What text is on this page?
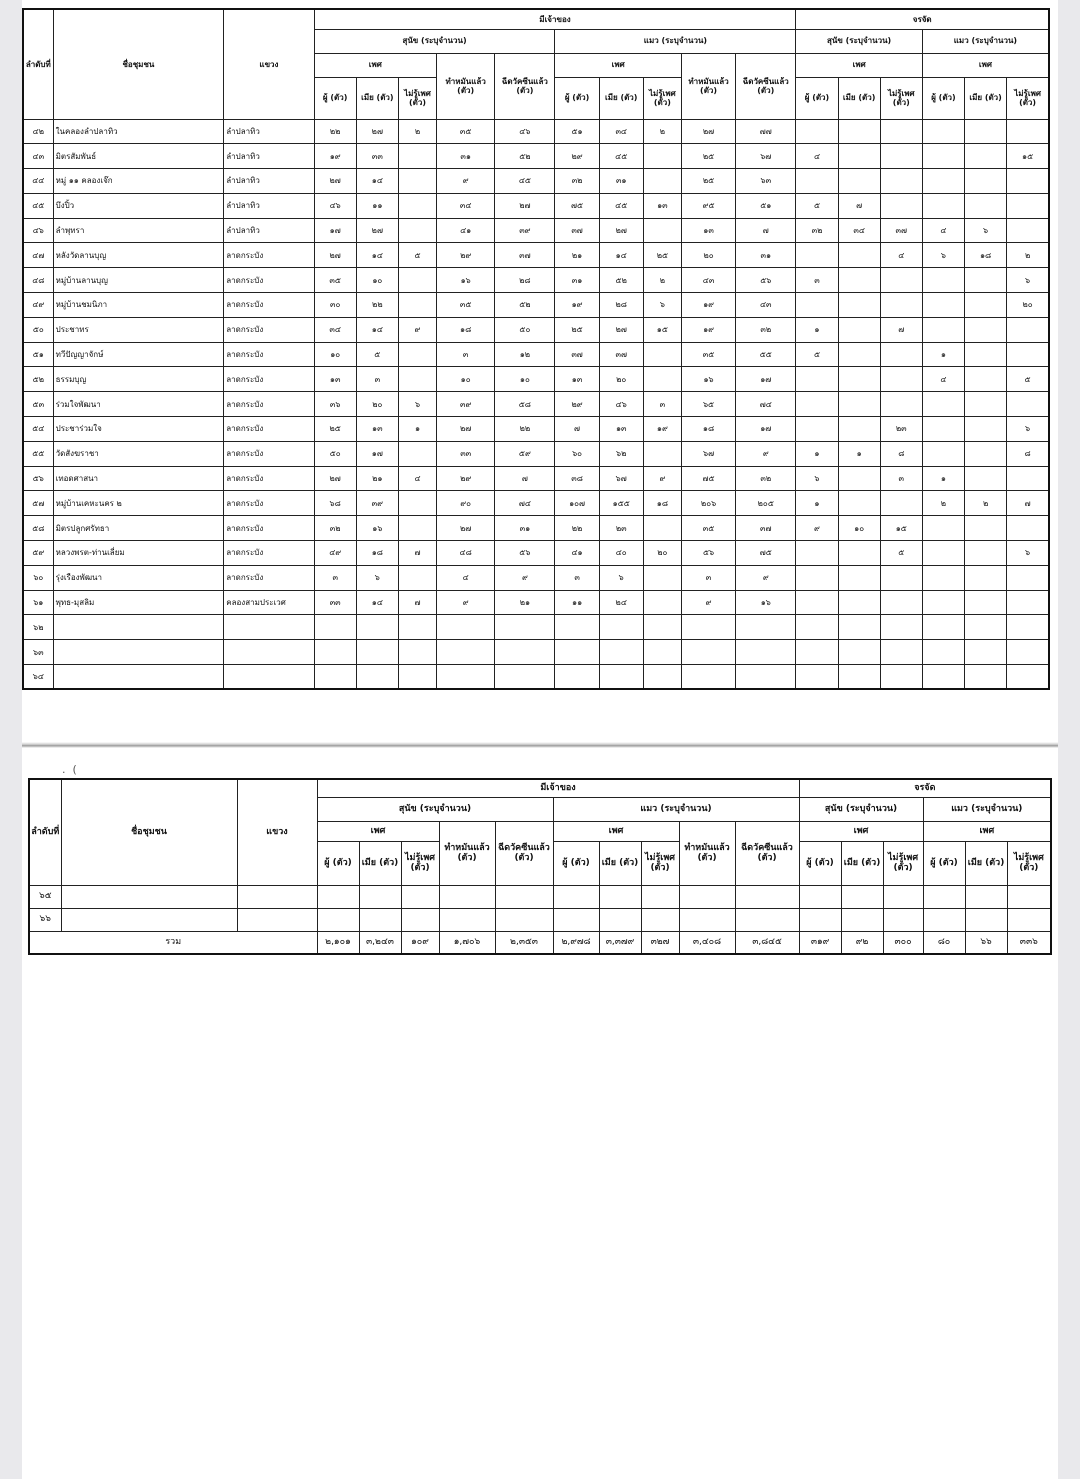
.  (
ลำดับที่	ชื่อชุมชน	แขวง	มีเจ้าของ										จรจัด					
			สุนัข (ระบุจำนวน)					แมว (ระบุจำนวน)					สุนัข (ระบุจำนวน)			แมว (ระบุจำนวน)		
			เพศ			ทำหมันแล้ว (ตัว)	ฉีดวัคซีนแล้ว (ตัว)	เพศ			ทำหมันแล้ว (ตัว)	ฉีดวัคซีนแล้ว (ตัว)	เพศ			เพศ		
			ผู้ (ตัว)	เมีย (ตัว)	ไม่รู้เพศ (ตัว)			ผู้ (ตัว)	เมีย (ตัว)	ไม่รู้เพศ (ตัว)			ผู้ (ตัว)	เมีย (ตัว)	ไม่รู้เพศ (ตัว)	ผู้ (ตัว)	เมีย (ตัว)	ไม่รู้เพศ (ตัว)
๔๒	ในคลองลำปลาทิว	ลำปลาทิว	๒๒	๒๗	๒	๓๕	๔๖	๕๑	๓๔	๒	๒๗	๗๗						
๔๓	มิตรสัมพันธ์	ลำปลาทิว	๑๙	๓๓		๓๑	๕๒	๒๙	๔๕		๒๕	๖๗	๔					๑๕
๔๔	หมู่ ๑๑ คลองเจ๊ก	ลำปลาทิว	๒๗	๑๔		๙	๔๕	๓๒	๓๑		๒๕	๖๓						
๔๕	บึงปิ้ว	ลำปลาทิว	๔๖	๑๑		๓๔	๒๗	๗๕	๔๕	๑๓	๙๕	๕๑	๕	๗				
๔๖	ลำพุทรา	ลำปลาทิว	๑๗	๒๗		๔๑	๓๙	๓๗	๒๗		๑๓	๗	๓๒	๓๔	๓๗	๔	๖	
๔๗	หลังวัดลานบุญ	ลาดกระบัง	๒๗	๑๔	๕	๒๙	๓๗	๒๑	๑๔	๒๕	๒๐	๓๑			๔	๖	๑๘	๒
๔๘	หมู่บ้านลานบุญ	ลาดกระบัง	๓๕	๑๐		๑๖	๒๘	๓๑	๕๒	๒	๔๓	๕๖	๓					๖
๔๙	หมู่บ้านชมนิภา	ลาดกระบัง	๓๐	๒๒		๓๕	๕๒	๑๙	๒๘	๖	๑๙	๔๓						๒๐
๕๐	ประชาทร	ลาดกระบัง	๓๔	๑๔	๙	๑๘	๕๐	๒๕	๒๗	๑๕	๑๙	๓๒	๑		๗			
๕๑	ทวีปัญญาจักษ์	ลาดกระบัง	๑๐	๕		๓	๑๒	๓๗	๓๗		๓๕	๕๕	๕			๑		
๕๒	ธรรมบุญ	ลาดกระบัง	๑๓	๓		๑๐	๑๐	๑๓	๒๐		๑๖	๑๗				๔		๕
๕๓	ร่วมใจพัฒนา	ลาดกระบัง	๓๖	๒๐	๖	๓๙	๕๘	๒๙	๔๖	๓	๖๕	๗๔						
๕๔	ประชาร่วมใจ	ลาดกระบัง	๒๕	๑๓	๑	๒๗	๒๒	๗	๑๓	๑๙	๑๘	๑๗			๒๓			๖
๕๕	วัดสังฆราชา	ลาดกระบัง	๕๐	๑๗		๓๓	๕๙	๖๐	๖๒		๖๗	๙	๑	๑	๘			๘
๕๖	เทอดศาสนา	ลาดกระบัง	๒๗	๒๑	๔	๒๙	๗	๓๘	๖๗	๙	๗๕	๓๒	๖		๓	๑		
๕๗	หมู่บ้านเคหะนคร ๒	ลาดกระบัง	๖๘	๓๙		๙๐	๗๔	๑๐๗	๑๕๕	๑๘	๒๐๖	๒๐๕	๑			๒	๒	๗
๕๘	มิตรปลูกศรัทธา	ลาดกระบัง	๓๒	๑๖		๒๗	๓๑	๒๒	๒๓		๓๕	๓๗	๙	๑๐	๑๕			
๕๙	หลวงพรต-ท่านเลี่ยม	ลาดกระบัง	๔๙	๑๘	๗	๔๘	๕๖	๔๑	๔๐	๒๐	๕๖	๗๕			๕			๖
๖๐	รุ่งเรืองพัฒนา	ลาดกระบัง	๓	๖		๔	๙	๓	๖		๓	๙						
๖๑	พุทธ-มุสลิม	คลองสามประเวศ	๓๓	๑๔	๗	๙	๒๑	๑๑	๒๔		๙	๑๖						
๖๒																		
๖๓																		
๖๔																		
ลำดับที่	ชื่อชุมชน	แขวง	มีเจ้าของ										จรจัด					
			สุนัข (ระบุจำนวน)					แมว (ระบุจำนวน)					สุนัข (ระบุจำนวน)			แมว (ระบุจำนวน)		
			เพศ			ทำหมันแล้ว (ตัว)	ฉีดวัคซีนแล้ว (ตัว)	เพศ			ทำหมันแล้ว (ตัว)	ฉีดวัคซีนแล้ว (ตัว)	เพศ			เพศ		
			ผู้ (ตัว)	เมีย (ตัว)	ไม่รู้เพศ (ตัว)			ผู้ (ตัว)	เมีย (ตัว)	ไม่รู้เพศ (ตัว)			ผู้ (ตัว)	เมีย (ตัว)	ไม่รู้เพศ (ตัว)	ผู้ (ตัว)	เมีย (ตัว)	ไม่รู้เพศ (ตัว)
๖๕																		
๖๖																		
รวม			๒,๑๐๑	๓,๒๔๓	๑๐๙	๑,๗๐๖	๒,๓๕๓	๒,๙๗๘	๓,๓๗๙	๓๒๗	๓,๔๐๘	๓,๘๔๕	๓๑๙	๙๒	๓๐๐	๘๐	๖๖	๓๓๖
